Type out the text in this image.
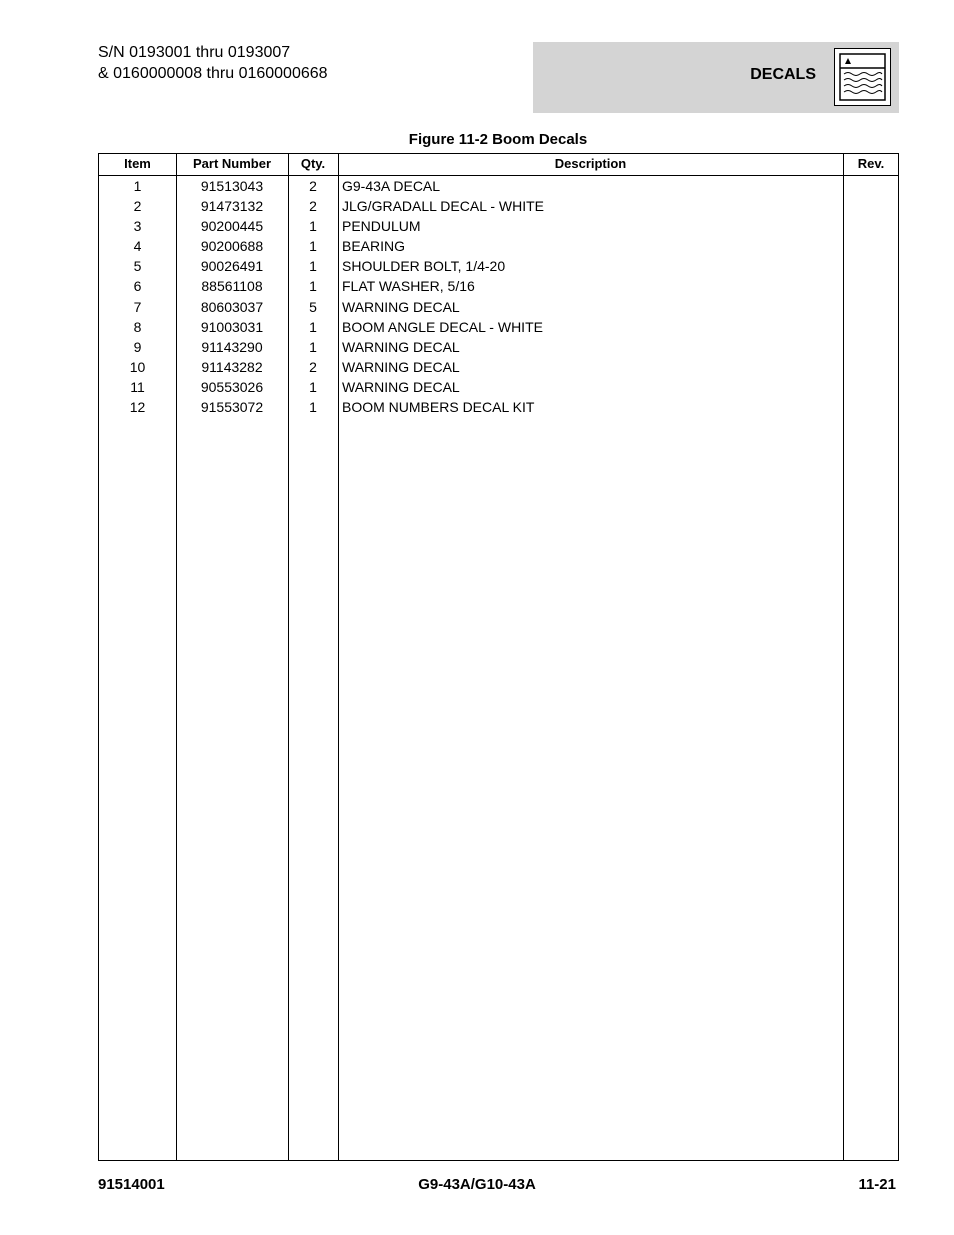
S/N 0193001 thru 0193007
& 0160000008 thru 0160000668	DECALS
Figure 11-2 Boom Decals
Item	Part Number	Qty.	Description	Rev.
1	91513043	2	G9-43A DECAL
2	91473132	2	JLG/GRADALL DECAL - WHITE
3	90200445	1	PENDULUM
4	90200688	1	BEARING
5	90026491	1	SHOULDER BOLT, 1/4-20
6	88561108	1	FLAT WASHER, 5/16
7	80603037	5	WARNING DECAL
8	91003031	1	BOOM ANGLE DECAL - WHITE
9	91143290	1	WARNING DECAL
10	91143282	2	WARNING DECAL
11	90553026	1	WARNING DECAL
12	91553072	1	BOOM NUMBERS DECAL KIT
91514001	G9-43A/G10-43A	11-21
